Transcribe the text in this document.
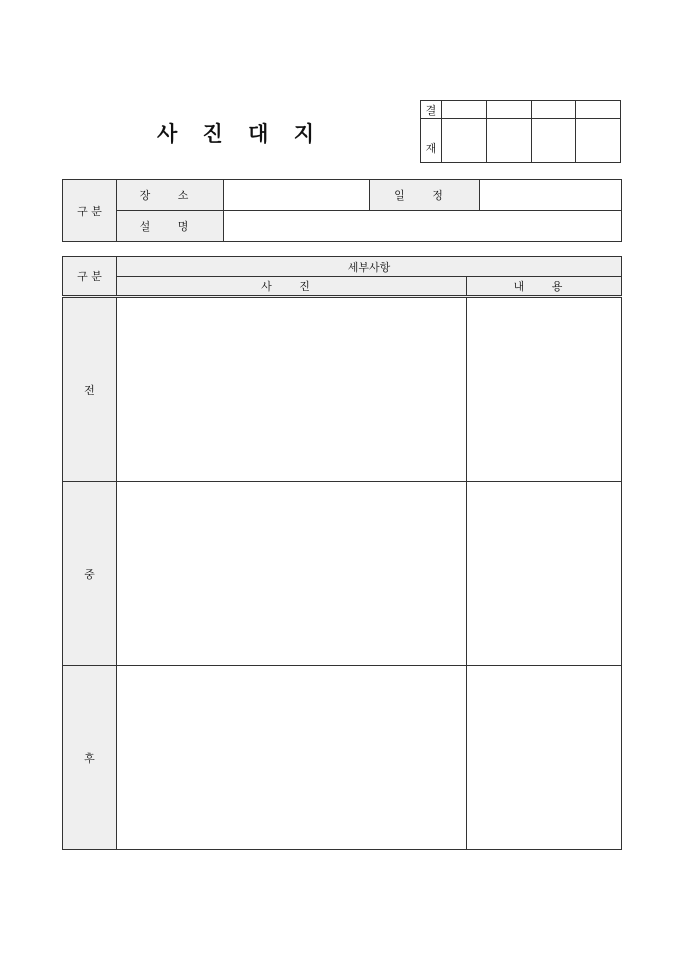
사 진 대 지
결				
재				
구 분	장 소		일 정	
	설 명			
구 분	세부사항	
	사 진	내 용
전		
중		
후		
